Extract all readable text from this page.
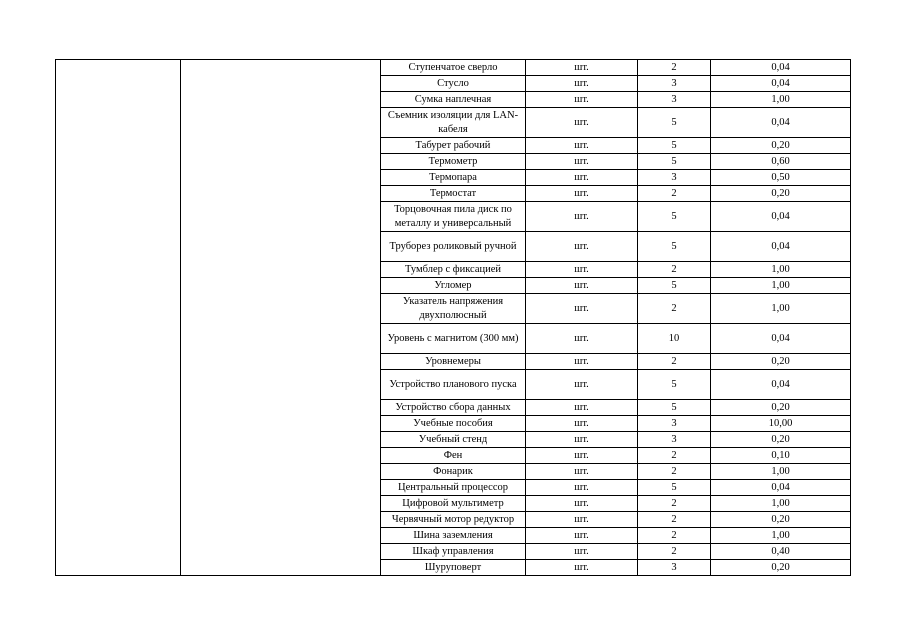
		Ступенчатое сверло	шт.	2	0,04
		Стусло	шт.	3	0,04
		Сумка наплечная	шт.	3	1,00
		Съемник изоляции для LAN-кабеля	шт.	5	0,04
		Табурет рабочий	шт.	5	0,20
		Термометр	шт.	5	0,60
		Термопара	шт.	3	0,50
		Термостат	шт.	2	0,20
		Торцовочная пила диск по металлу и универсальный	шт.	5	0,04
		Труборез роликовый ручной	шт.	5	0,04
		Тумблер с фиксацией	шт.	2	1,00
		Угломер	шт.	5	1,00
		Указатель напряжения двухполюсный	шт.	2	1,00
		Уровень с магнитом (300 мм)	шт.	10	0,04
		Уровнемеры	шт.	2	0,20
		Устройство планового пуска	шт.	5	0,04
		Устройство сбора данных	шт.	5	0,20
		Учебные пособия	шт.	3	10,00
		Учебный стенд	шт.	3	0,20
		Фен	шт.	2	0,10
		Фонарик	шт.	2	1,00
		Центральный процессор	шт.	5	0,04
		Цифровой мультиметр	шт.	2	1,00
		Червячный мотор редуктор	шт.	2	0,20
		Шина заземления	шт.	2	1,00
		Шкаф управления	шт.	2	0,40
		Шуруповерт	шт.	3	0,20
